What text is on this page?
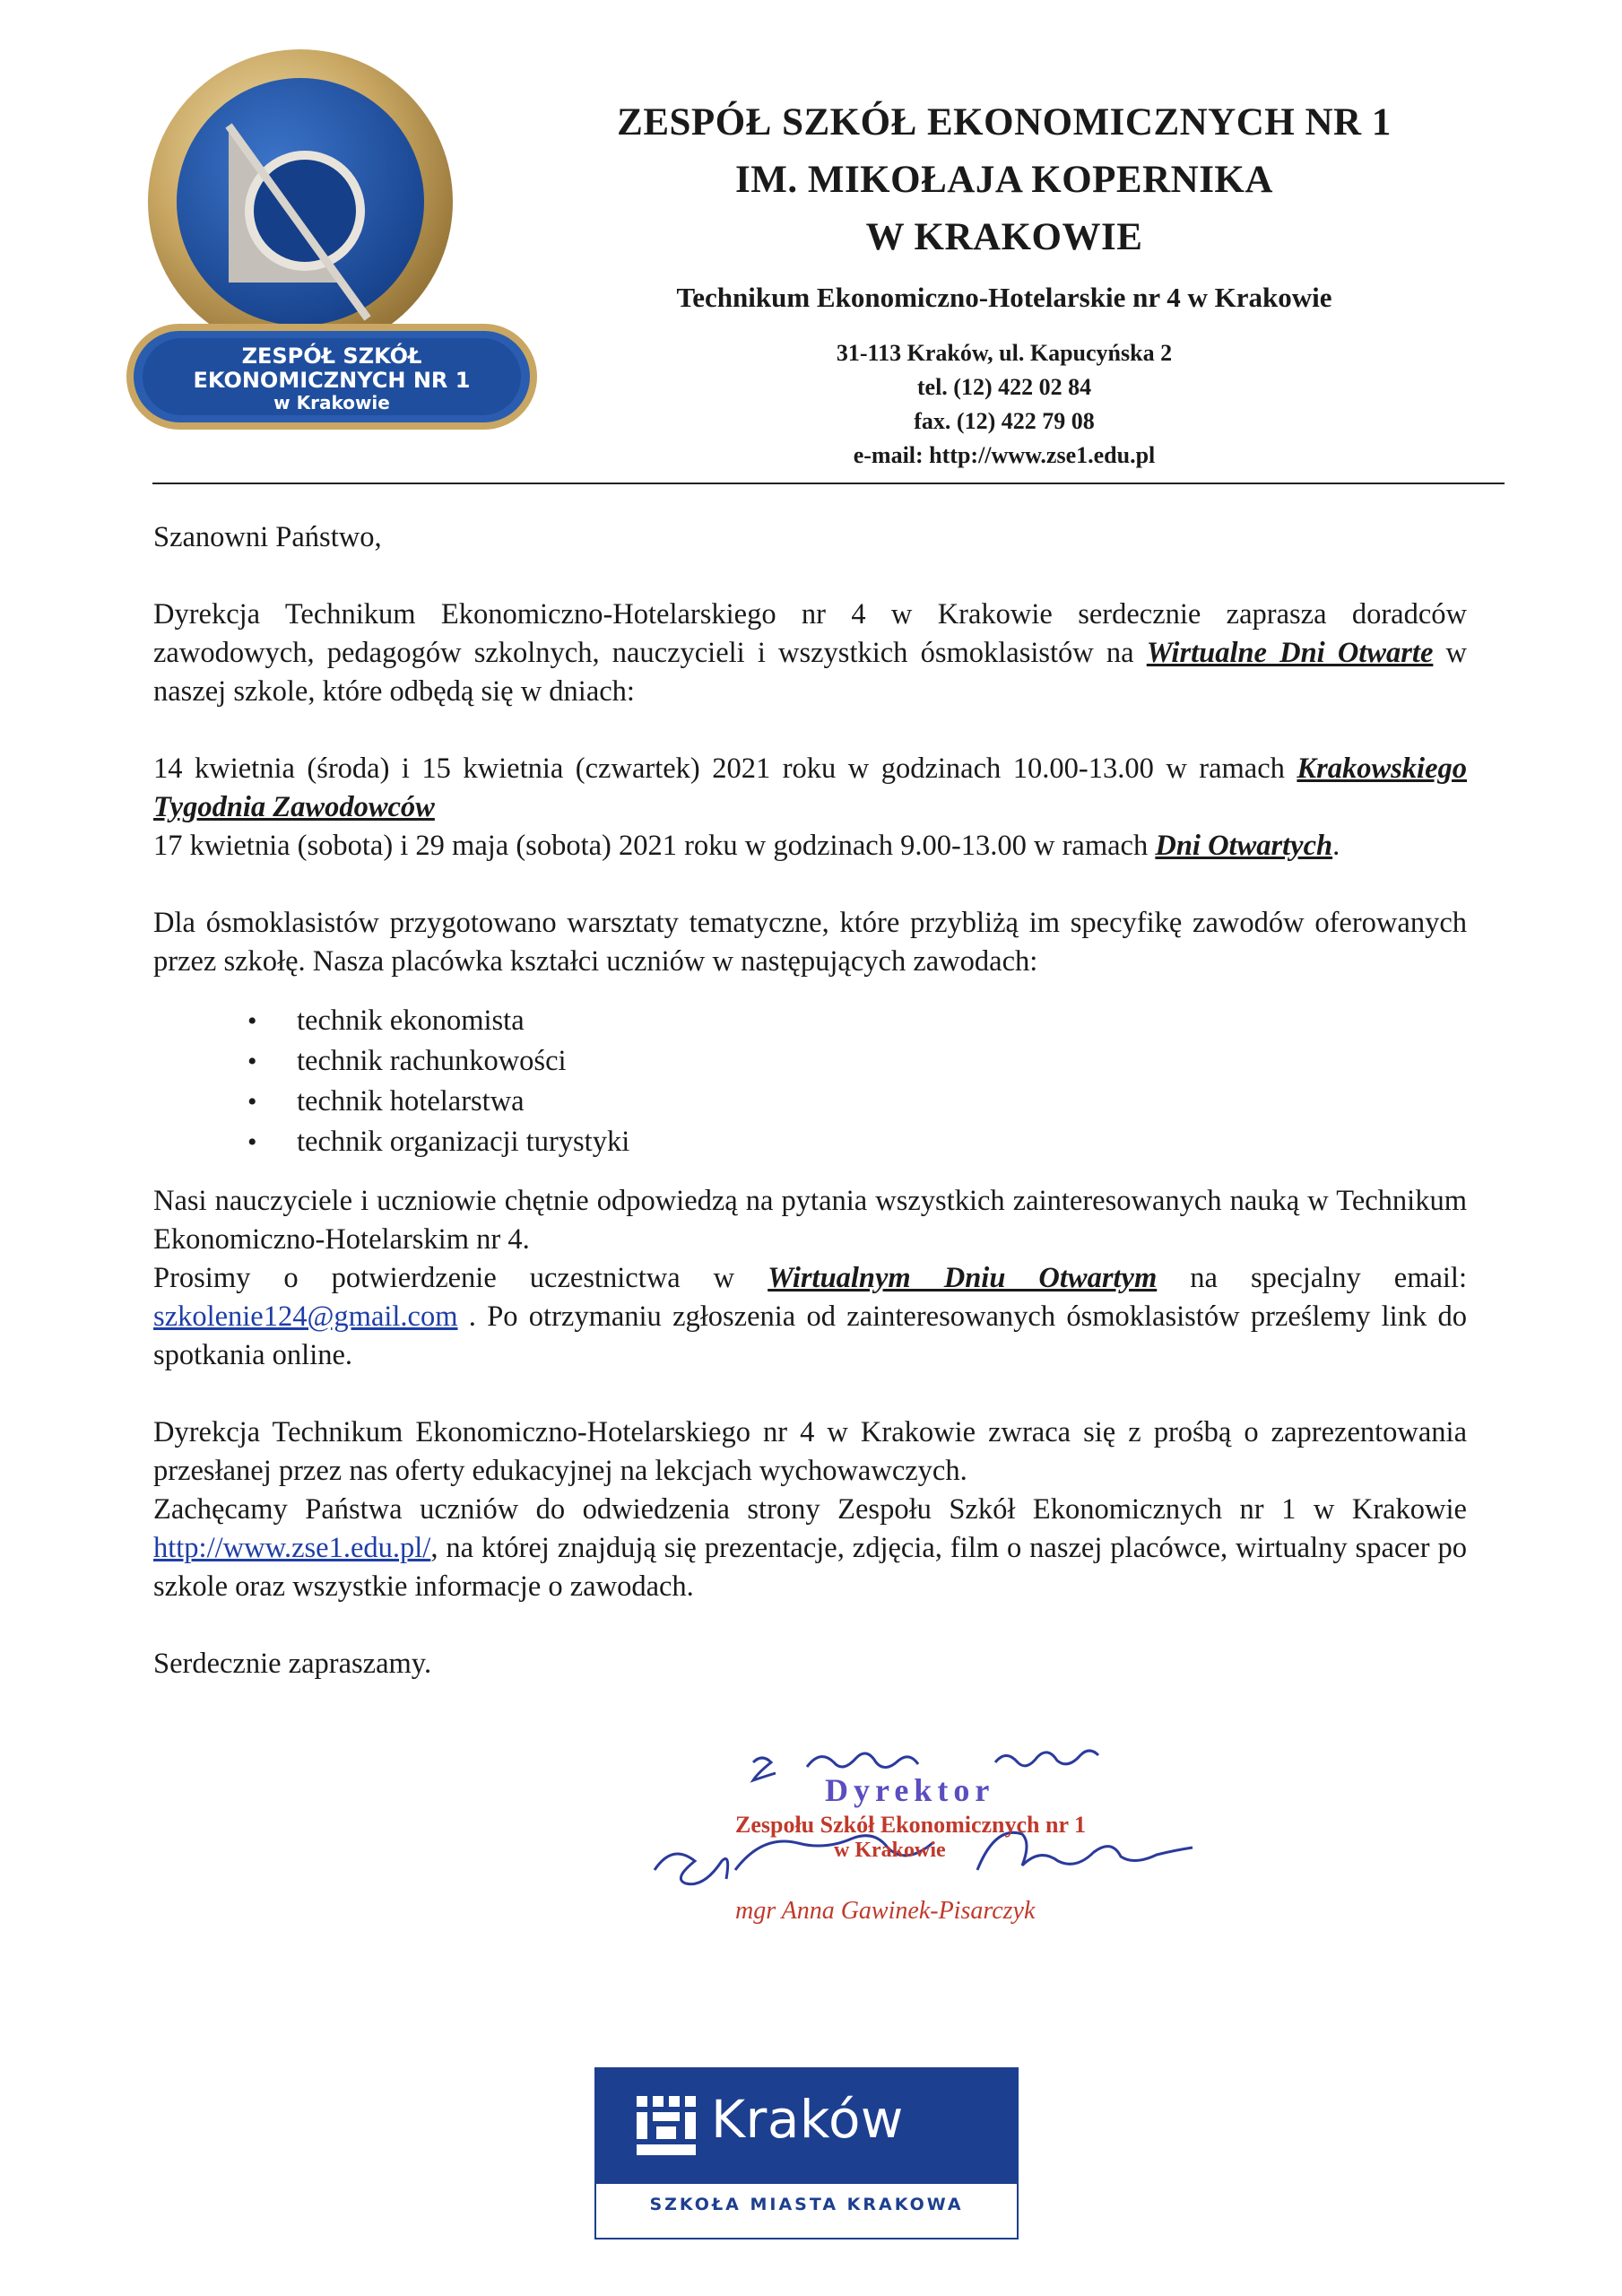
ZESPÓŁ SZKÓŁ
EKONOMICZNYCH NR 1
w Krakowie
ZESPÓŁ SZKÓŁ EKONOMICZNYCH NR 1
IM. MIKOŁAJA KOPERNIKA
W KRAKOWIE
Technikum Ekonomiczno-Hotelarskie nr 4 w Krakowie
31-113 Kraków, ul. Kapucyńska 2
tel. (12) 422 02 84
fax. (12) 422 79 08
e-mail: http://www.zse1.edu.pl

Szanowni Państwo,

Dyrekcja Technikum Ekonomiczno-Hotelarskiego nr 4 w Krakowie serdecznie zaprasza doradców zawodowych, pedagogów szkolnych, nauczycieli i wszystkich ósmoklasistów na Wirtualne Dni Otwarte w naszej szkole, które odbędą się w dniach:

14 kwietnia (środa) i 15 kwietnia (czwartek) 2021 roku w godzinach 10.00-13.00 w ramach Krakowskiego Tygodnia Zawodowców

17 kwietnia (sobota) i 29 maja (sobota) 2021 roku w godzinach 9.00-13.00 w ramach Dni Otwartych.

Dla ósmoklasistów przygotowano warsztaty tematyczne, które przybliżą im specyfikę zawodów oferowanych przez szkołę. Nasza placówka kształci uczniów w następujących zawodach:

• technik ekonomista
• technik rachunkowości
• technik hotelarstwa
• technik organizacji turystyki

Nasi nauczyciele i uczniowie chętnie odpowiedzą na pytania wszystkich zainteresowanych nauką w Technikum Ekonomiczno-Hotelarskim nr 4.

Prosimy o potwierdzenie uczestnictwa w Wirtualnym Dniu Otwartym na specjalny email: szkolenie124@gmail.com . Po otrzymaniu zgłoszenia od zainteresowanych ósmoklasistów prześlemy link do spotkania online.

Dyrekcja Technikum Ekonomiczno-Hotelarskiego nr 4 w Krakowie zwraca się z prośbą o zaprezentowania przesłanej przez nas oferty edukacyjnej na lekcjach wychowawczych.

Zachęcamy Państwa uczniów do odwiedzenia strony Zespołu Szkół Ekonomicznych nr 1 w Krakowie http://www.zse1.edu.pl/, na której znajdują się prezentacje, zdjęcia, film o naszej placówce, wirtualny spacer po szkole oraz wszystkie informacje o zawodach.

Serdecznie zapraszamy.

Dyrektor
Zespołu Szkół Ekonomicznych nr 1
w Krakowie
mgr Anna Gawinek-Pisarczyk
Kraków
SZKOŁA MIASTA KRAKOWA
